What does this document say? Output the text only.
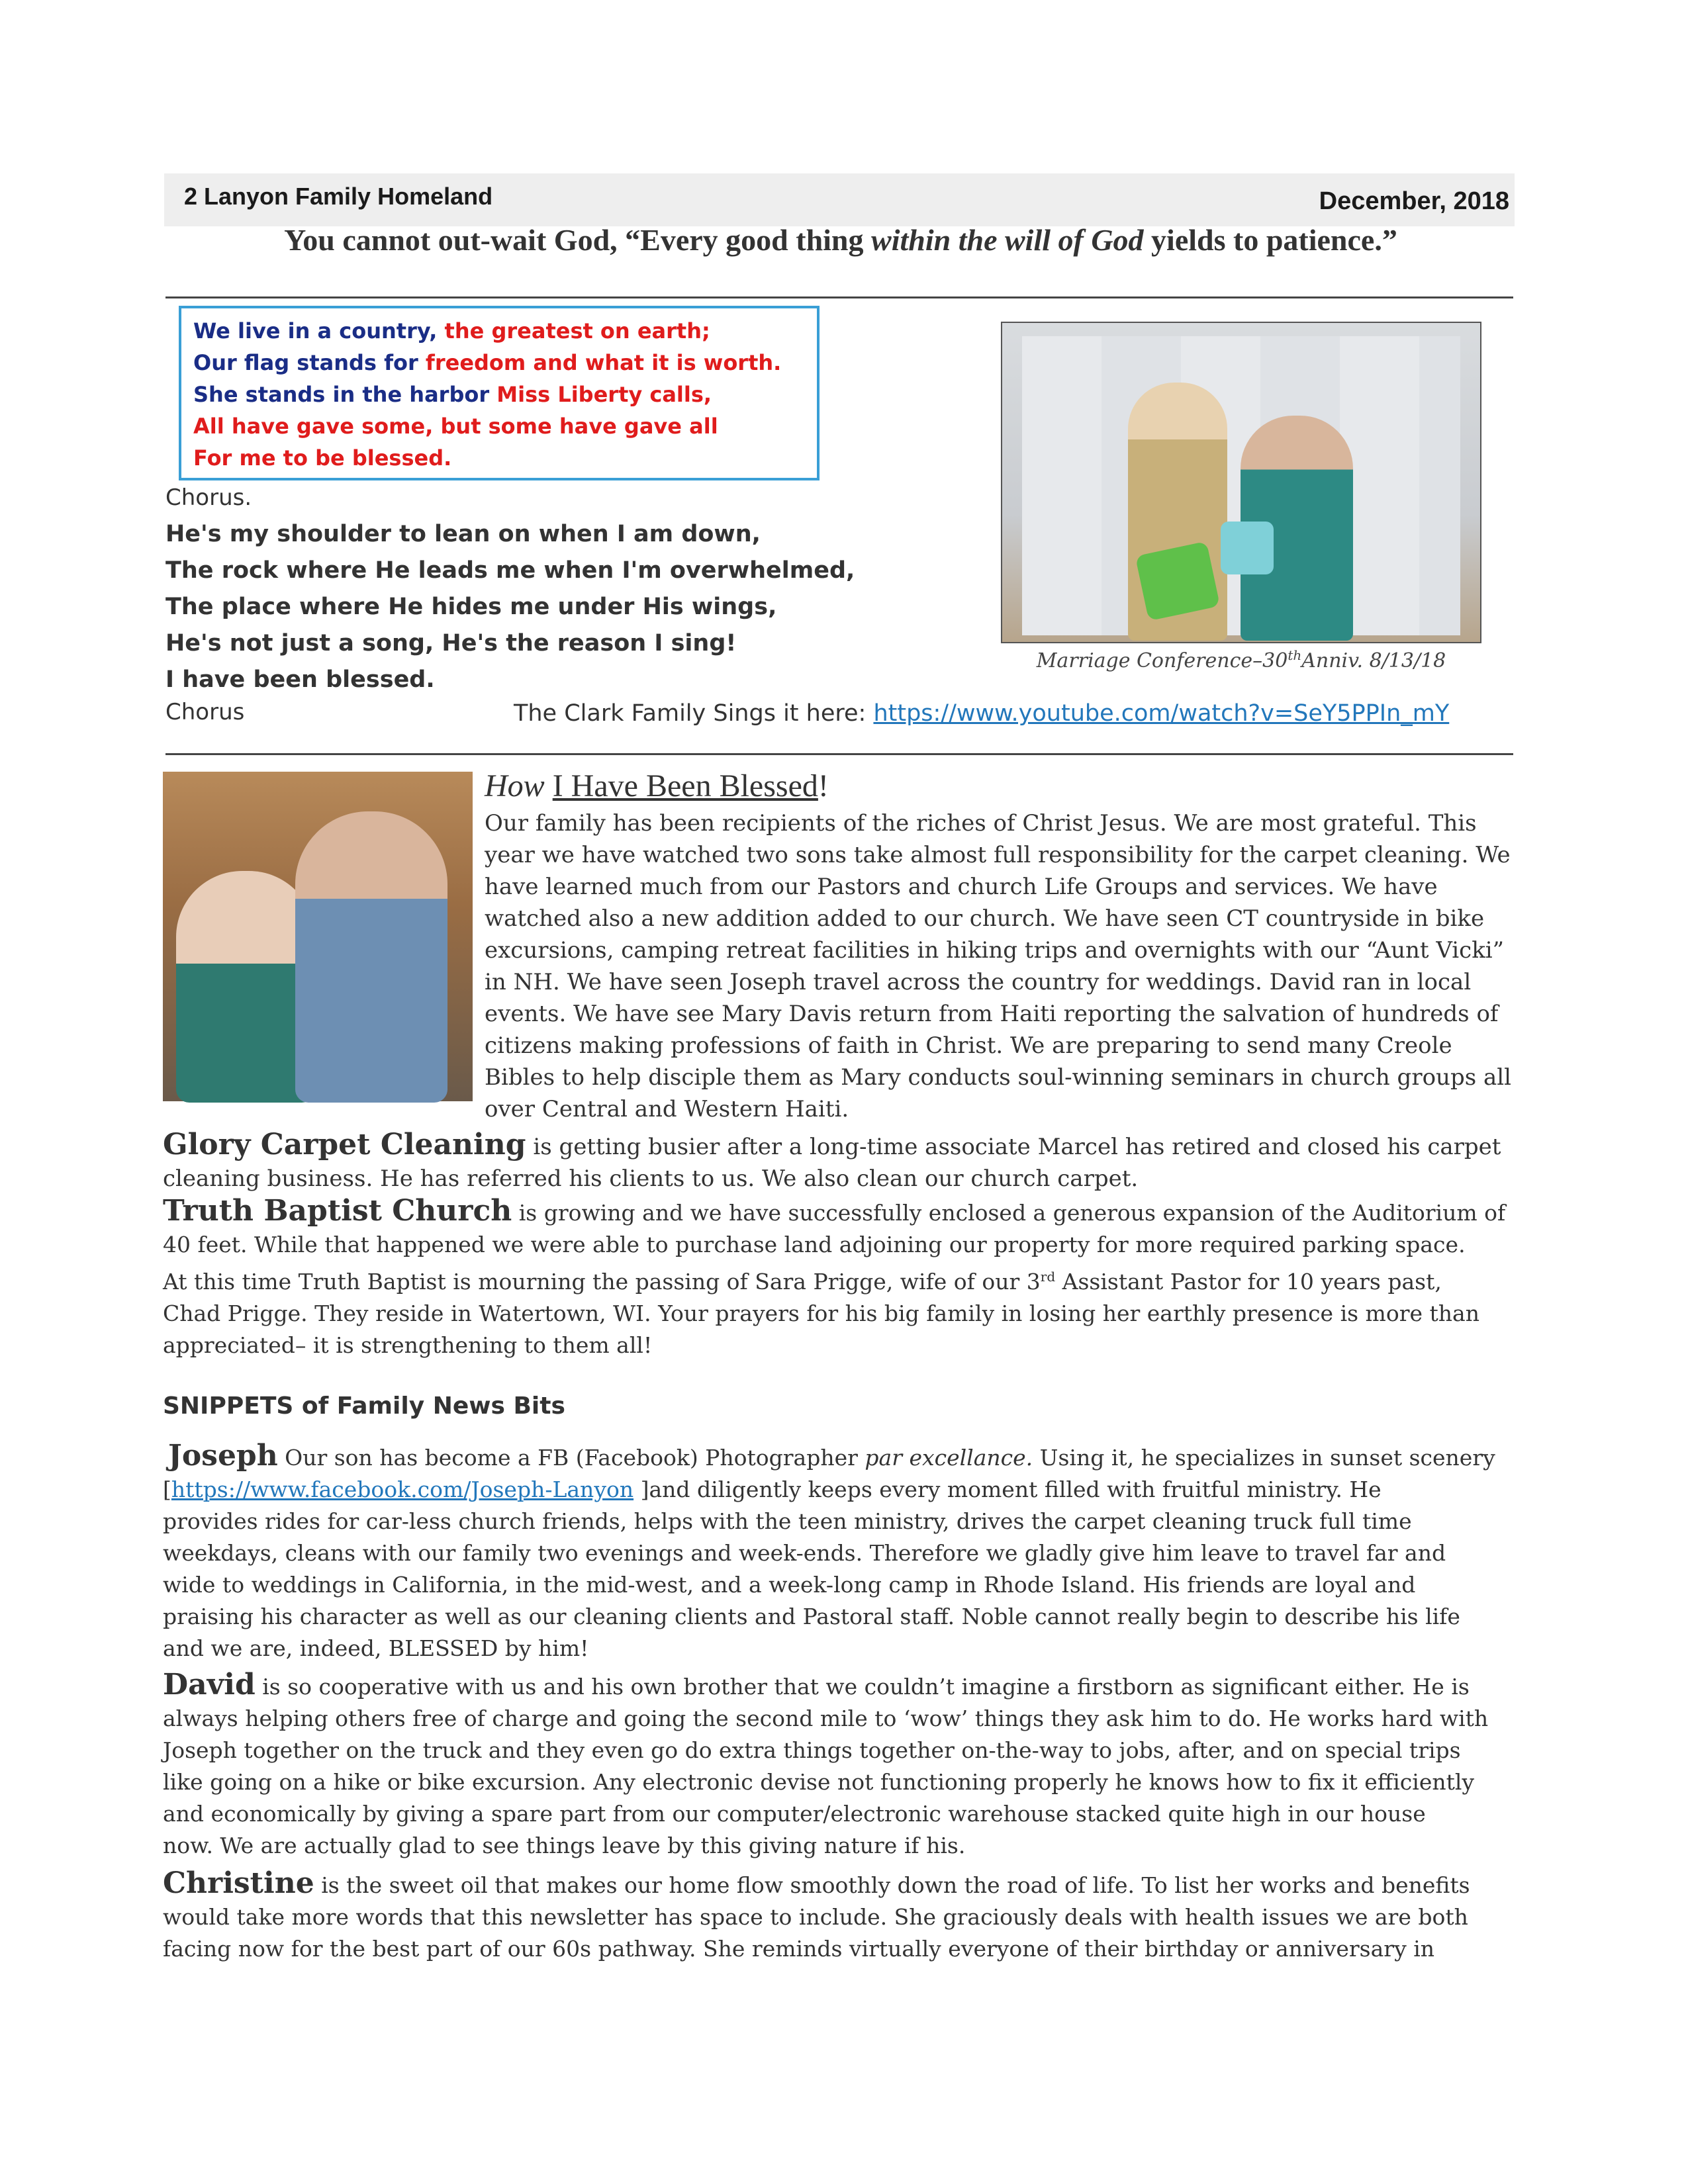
2 Lanyon Family Homeland	December, 2018
You cannot out-wait God, “Every good thing within the will of God yields to patience.”
We live in a country, the greatest on earth;
Our flag stands for freedom and what it is worth.
She stands in the harbor Miss Liberty calls,
All have gave some, but some have gave all
For me to be blessed.
Chorus.
He's my shoulder to lean on when I am down,
The rock where He leads me when I'm overwhelmed,
The place where He hides me under His wings,
He's not just a song, He's the reason I sing!
I have been blessed.
Chorus	The Clark Family Sings it here: https://www.youtube.com/watch?v=SeY5PPIn_mY
Marriage Conference–30thAnniv. 8/13/18
How I Have Been Blessed!
Our family has been recipients of the riches of Christ Jesus. We are most grateful. This
year we have watched two sons take almost full responsibility for the carpet cleaning. We
have learned much from our Pastors and church Life Groups and services. We have
watched also a new addition added to our church. We have seen CT countryside in bike
excursions, camping retreat facilities in hiking trips and overnights with our “Aunt Vicki”
in NH. We have seen Joseph travel across the country for weddings. David ran in local
events. We have see Mary Davis return from Haiti reporting the salvation of hundreds of
citizens making professions of faith in Christ. We are preparing to send many Creole
Bibles to help disciple them as Mary conducts soul-winning seminars in church groups all
over Central and Western Haiti.
Glory Carpet Cleaning is getting busier after a long-time associate Marcel has retired and closed his carpet
cleaning business. He has referred his clients to us. We also clean our church carpet.
Truth Baptist Church is growing and we have successfully enclosed a generous expansion of the Auditorium of
40 feet. While that happened we were able to purchase land adjoining our property for more required parking space.
At this time Truth Baptist is mourning the passing of Sara Prigge, wife of our 3rd Assistant Pastor for 10 years past,
Chad Prigge. They reside in Watertown, WI. Your prayers for his big family in losing her earthly presence is more than
appreciated– it is strengthening to them all!
SNIPPETS of Family News Bits
Joseph Our son has become a FB (Facebook) Photographer par excellance. Using it, he specializes in sunset scenery
[https://www.facebook.com/Joseph-Lanyon ]and diligently keeps every moment filled with fruitful ministry. He
provides rides for car-less church friends, helps with the teen ministry, drives the carpet cleaning truck full time
weekdays, cleans with our family two evenings and week-ends. Therefore we gladly give him leave to travel far and
wide to weddings in California, in the mid-west, and a week-long camp in Rhode Island. His friends are loyal and
praising his character as well as our cleaning clients and Pastoral staff. Noble cannot really begin to describe his life
and we are, indeed, BLESSED by him!
David is so cooperative with us and his own brother that we couldn’t imagine a firstborn as significant either. He is
always helping others free of charge and going the second mile to ‘wow’ things they ask him to do. He works hard with
Joseph together on the truck and they even go do extra things together on-the-way to jobs, after, and on special trips
like going on a hike or bike excursion. Any electronic devise not functioning properly he knows how to fix it efficiently
and economically by giving a spare part from our computer/electronic warehouse stacked quite high in our house
now. We are actually glad to see things leave by this giving nature if his.
Christine is the sweet oil that makes our home flow smoothly down the road of life. To list her works and benefits
would take more words that this newsletter has space to include. She graciously deals with health issues we are both
facing now for the best part of our 60s pathway. She reminds virtually everyone of their birthday or anniversary in
